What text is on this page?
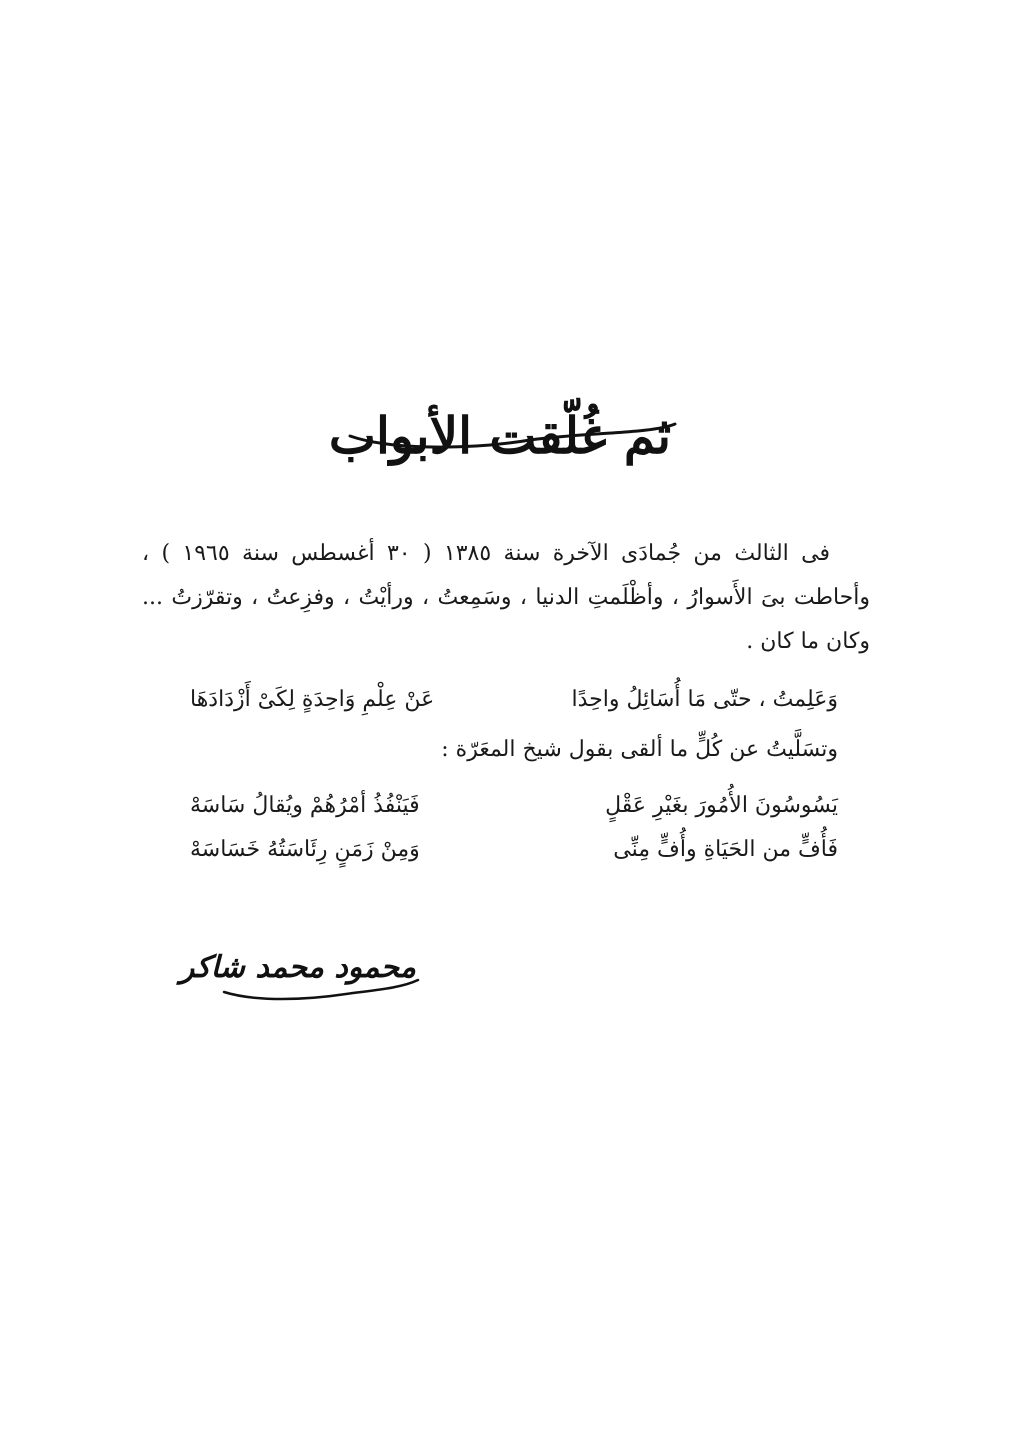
ثم غُلّقت الأبواب

فى الثالث من جُمادَى الآخرة سنة ١٣٨٥ ( ٣٠ أغسطس سنة ١٩٦٥ ) ، وأحاطت بىَ الأَسوارُ ، وأظْلَمتِ الدنيا ، وسَمِعتُ ، ورأيْتُ ، وفزِعتُ ، وتقرّزتُ ... وكان ما كان .

وَعَلِمتُ ، حتّى مَا أُسَائِلُ واحِدًا
عَنْ عِلْمِ وَاحِدَةٍ لِكَىْ أَزْدَادَهَا
وتسَلَّيتُ عن كُلٍّ ما ألقى بقول شيخ المعَرّة :
يَسُوسُونَ الأُمُورَ بغَيْرِ عَقْلٍ
فَيَنْفُذُ أمْرُهُمْ ويُقالُ سَاسَهْ
فَأُفٍّ من الحَيَاةِ وأُفٍّ مِنِّى
وَمِنْ زَمَنٍ رِئَاسَتُهُ خَسَاسَهْ
محمود محمد شاكر
